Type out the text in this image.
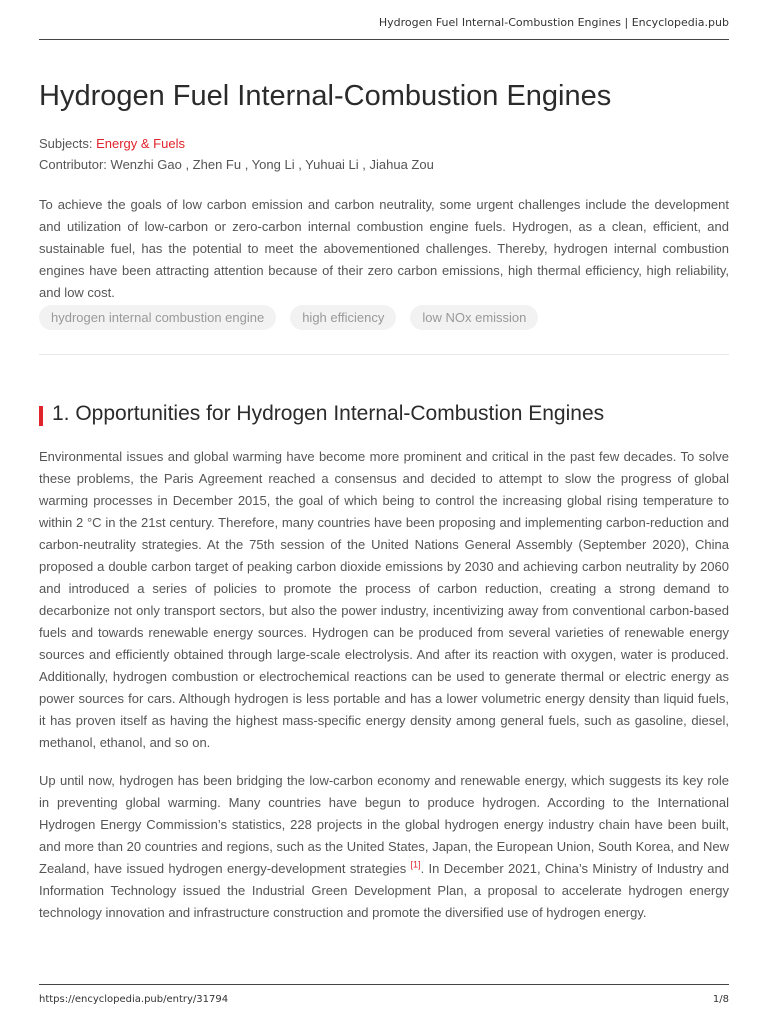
Hydrogen Fuel Internal-Combustion Engines | Encyclopedia.pub
Hydrogen Fuel Internal-Combustion Engines
Subjects: Energy & Fuels
Contributor: Wenzhi Gao , Zhen Fu , Yong Li , Yuhuai Li , Jiahua Zou

To achieve the goals of low carbon emission and carbon neutrality, some urgent challenges include the development and utilization of low-carbon or zero-carbon internal combustion engine fuels. Hydrogen, as a clean, efficient, and sustainable fuel, has the potential to meet the abovementioned challenges. Thereby, hydrogen internal combustion engines have been attracting attention because of their zero carbon emissions, high thermal efficiency, high reliability, and low cost.

hydrogen internal combustion engine	high efficiency	low NOx emission
1. Opportunities for Hydrogen Internal-Combustion Engines

Environmental issues and global warming have become more prominent and critical in the past few decades. To solve these problems, the Paris Agreement reached a consensus and decided to attempt to slow the progress of global warming processes in December 2015, the goal of which being to control the increasing global rising temperature to within 2 °C in the 21st century. Therefore, many countries have been proposing and implementing carbon-reduction and carbon-neutrality strategies. At the 75th session of the United Nations General Assembly (September 2020), China proposed a double carbon target of peaking carbon dioxide emissions by 2030 and achieving carbon neutrality by 2060 and introduced a series of policies to promote the process of carbon reduction, creating a strong demand to decarbonize not only transport sectors, but also the power industry, incentivizing away from conventional carbon-based fuels and towards renewable energy sources. Hydrogen can be produced from several varieties of renewable energy sources and efficiently obtained through large-scale electrolysis. And after its reaction with oxygen, water is produced. Additionally, hydrogen combustion or electrochemical reactions can be used to generate thermal or electric energy as power sources for cars. Although hydrogen is less portable and has a lower volumetric energy density than liquid fuels, it has proven itself as having the highest mass-specific energy density among general fuels, such as gasoline, diesel, methanol, ethanol, and so on.

Up until now, hydrogen has been bridging the low-carbon economy and renewable energy, which suggests its key role in preventing global warming. Many countries have begun to produce hydrogen. According to the International Hydrogen Energy Commission’s statistics, 228 projects in the global hydrogen energy industry chain have been built, and more than 20 countries and regions, such as the United States, Japan, the European Union, South Korea, and New Zealand, have issued hydrogen energy-development strategies [1]. In December 2021, China’s Ministry of Industry and Information Technology issued the Industrial Green Development Plan, a proposal to accelerate hydrogen energy technology innovation and infrastructure construction and promote the diversified use of hydrogen energy.

https://encyclopedia.pub/entry/31794	1/8
